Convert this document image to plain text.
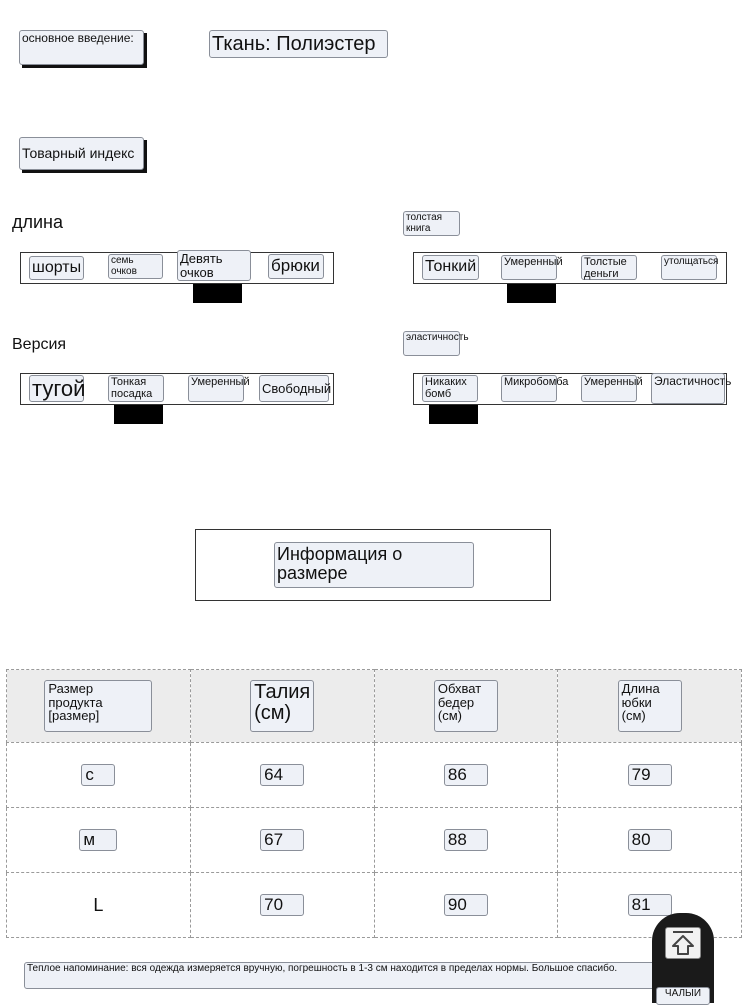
основное введение:	Ткань: Полиэстер
Товарный индекс
длина
шорты	семь очков
Девять очков	брюки
толстая книга
Тонкий	Умеренный Толстые деньги
утолщаться
Версия
тугой Тонкая посадка
Умеренный Свободный
эластичность
Никаких бомб
Микробомба Умеренный Эластичность
Информация о размере
Размер продукта [размер]	Талия (см)	Обхват бедер (см)	Длина юбки (см)
с	64	86	79
м	67	88	80
L	70	90	81
Теплое напоминание: вся одежда измеряется вручную, погрешность в 1-3 см находится в пределах нормы. Большое спасибо.
ЧАЛЫИ
